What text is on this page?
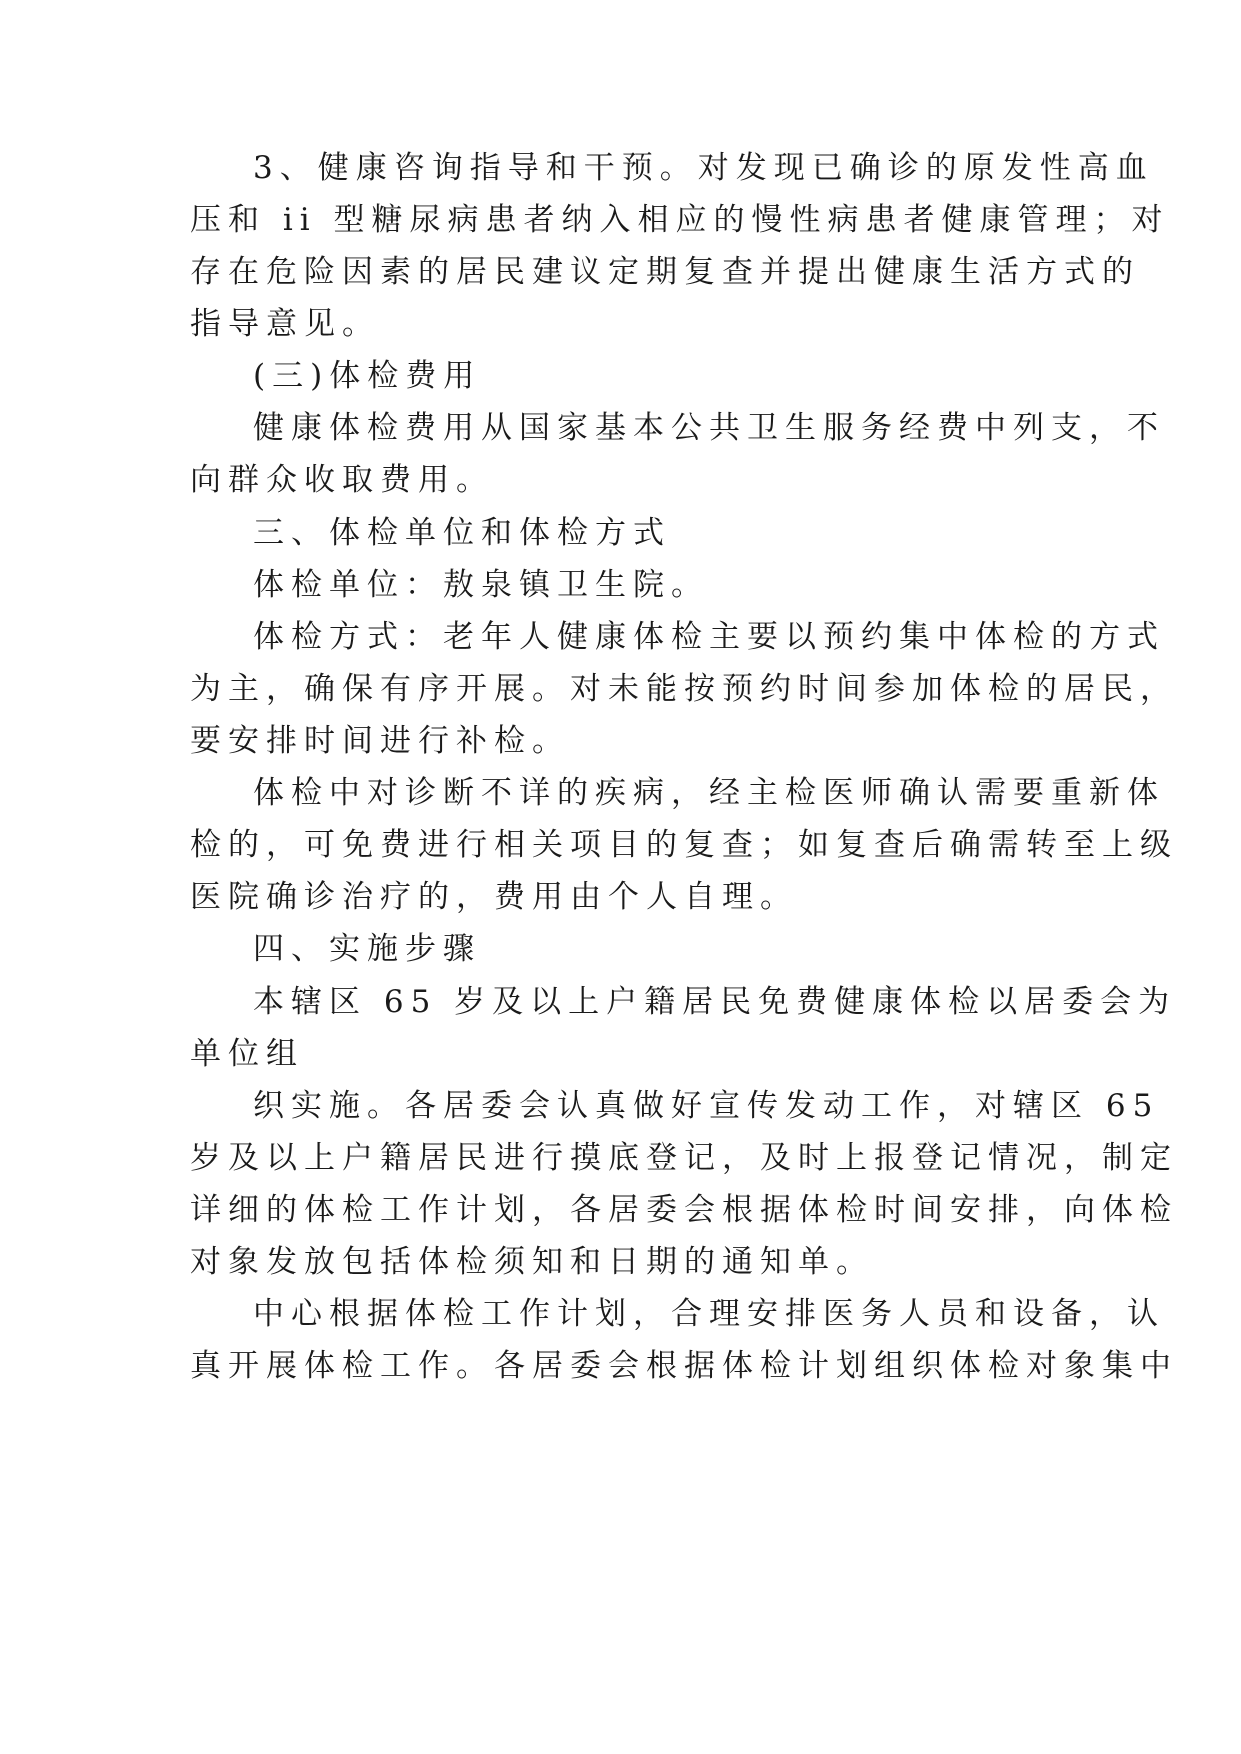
3、健康咨询指导和干预。对发现已确诊的原发性高血

压和 ii 型糖尿病患者纳入相应的慢性病患者健康管理；对

存在危险因素的居民建议定期复查并提出健康生活方式的

指导意见。

(三)体检费用

健康体检费用从国家基本公共卫生服务经费中列支，不

向群众收取费用。

三、体检单位和体检方式

体检单位：敖泉镇卫生院。

体检方式：老年人健康体检主要以预约集中体检的方式

为主，确保有序开展。对未能按预约时间参加体检的居民，

要安排时间进行补检。

体检中对诊断不详的疾病，经主检医师确认需要重新体

检的，可免费进行相关项目的复查；如复查后确需转至上级

医院确诊治疗的，费用由个人自理。

四、实施步骤

本辖区 65 岁及以上户籍居民免费健康体检以居委会为

单位组

织实施。各居委会认真做好宣传发动工作，对辖区 65

岁及以上户籍居民进行摸底登记，及时上报登记情况，制定

详细的体检工作计划，各居委会根据体检时间安排，向体检

对象发放包括体检须知和日期的通知单。

中心根据体检工作计划，合理安排医务人员和设备，认

真开展体检工作。各居委会根据体检计划组织体检对象集中
